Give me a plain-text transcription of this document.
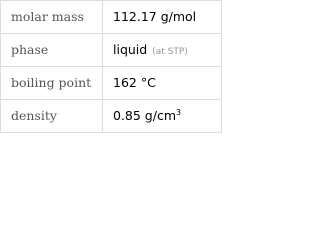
molar mass	112.17 g/mol
phase	liquid (at STP)
boiling point	162 °C
density	0.85 $g/cm^3$
